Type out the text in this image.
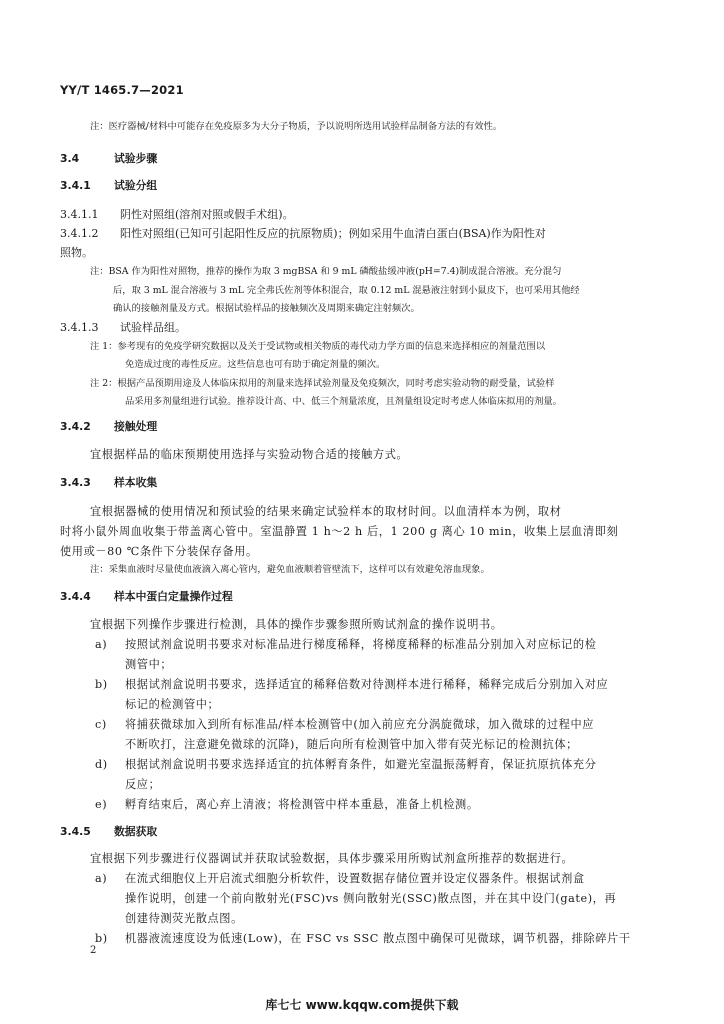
YY/T 1465.7—2021
注：医疗器械/材料中可能存在免疫原多为大分子物质，予以说明所选用试验样品制备方法的有效性。
3.4	试验步骤
3.4.1 试验分组
3.4.1.1 阴性对照组(溶剂对照或假手术组)。
3.4.1.2 阳性对照组(已知可引起阳性反应的抗原物质)；例如采用牛血清白蛋白(BSA)作为阳性对
照物。
注：BSA 作为阳性对照物，推荐的操作为取 3 mgBSA 和 9 mL 磷酸盐缓冲液(pH=7.4)制成混合溶液。充分混匀
后，取 3 mL 混合溶液与 3 mL 完全弗氏佐剂等体积混合，取 0.12 mL 混悬液注射到小鼠皮下，也可采用其他经
确认的接触剂量及方式。根据试验样品的接触频次及周期来确定注射频次。
3.4.1.3 试验样品组。
注 1：参考现有的免疫学研究数据以及关于受试物或相关物质的毒代动力学方面的信息来选择相应的剂量范围以
免造成过度的毒性反应。这些信息也可有助于确定剂量的频次。
注 2：根据产品预期用途及人体临床拟用的剂量来选择试验剂量及免疫频次，同时考虑实验动物的耐受量，试验样
品采用多剂量组进行试验。推荐设计高、中、低三个剂量浓度，且剂量组设定时考虑人体临床拟用的剂量。
3.4.2 接触处理
宜根据样品的临床预期使用选择与实验动物合适的接触方式。
3.4.3 样本收集
宜根据器械的使用情况和预试验的结果来确定试验样本的取材时间。以血清样本为例，取材
时将小鼠外周血收集于带盖离心管中。室温静置 1 h～2 h 后，1 200 g 离心 10 min，收集上层血清即刻
使用或－80 ℃条件下分装保存备用。
注：采集血液时尽量使血液滴入离心管内，避免血液顺着管壁流下，这样可以有效避免溶血现象。
3.4.4 样本中蛋白定量操作过程
宜根据下列操作步骤进行检测，具体的操作步骤参照所购试剂盒的操作说明书。
a) 按照试剂盒说明书要求对标准品进行梯度稀释，将梯度稀释的标准品分别加入对应标记的检
测管中；
b) 根据试剂盒说明书要求，选择适宜的稀释倍数对待测样本进行稀释，稀释完成后分别加入对应
标记的检测管中；
c) 将捕获微球加入到所有标准品/样本检测管中(加入前应充分涡旋微球，加入微球的过程中应
不断吹打，注意避免微球的沉降)，随后向所有检测管中加入带有荧光标记的检测抗体；
d) 根据试剂盒说明书要求选择适宜的抗体孵育条件，如避光室温振荡孵育，保证抗原抗体充分
反应；
e) 孵育结束后，离心弃上清液；将检测管中样本重悬，准备上机检测。
3.4.5 数据获取
宜根据下列步骤进行仪器调试并获取试验数据，具体步骤采用所购试剂盒所推荐的数据进行。
a) 在流式细胞仪上开启流式细胞分析软件，设置数据存储位置并设定仪器条件。根据试剂盒
操作说明，创建一个前向散射光(FSC)vs 侧向散射光(SSC)散点图，并在其中设门(gate)，再
创建待测荧光散点图。
b) 机器液流速度设为低速(Low)，在 FSC vs SSC 散点图中确保可见微球，调节机器，排除碎片干
2
库七七 www.kqqw.com提供下载
